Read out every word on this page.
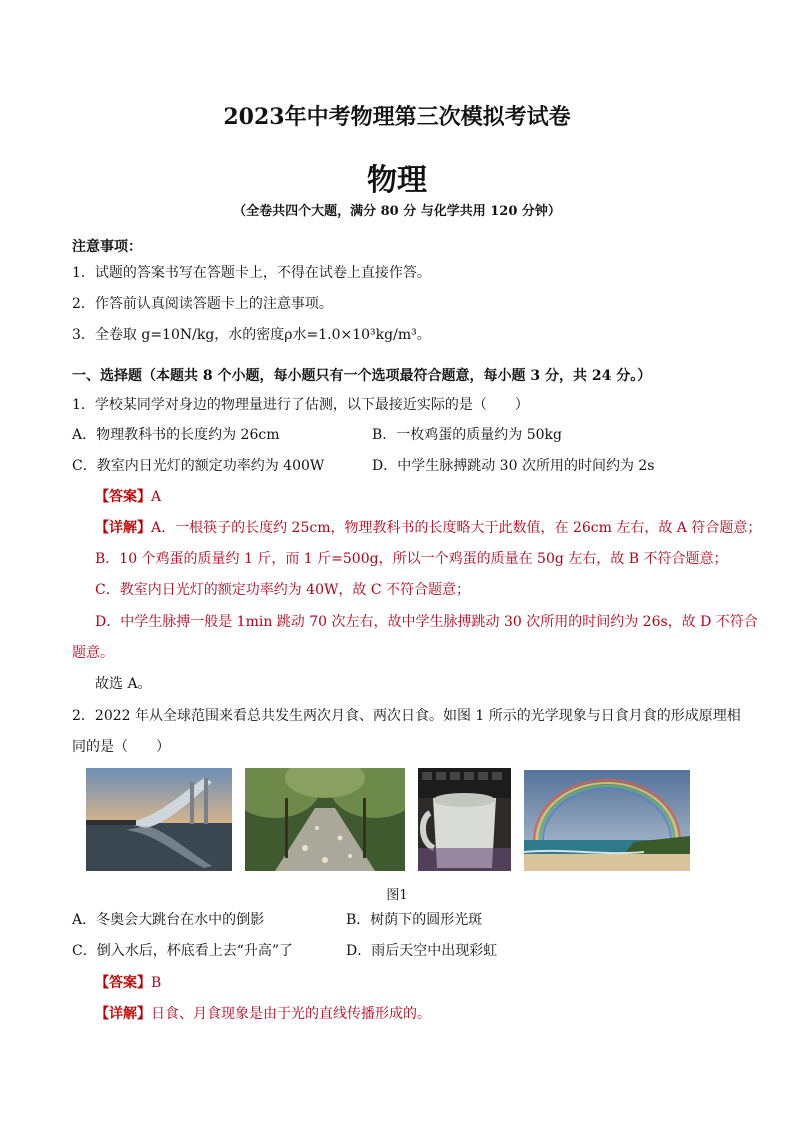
2023年中考物理第三次模拟考试卷
物理
（全卷共四个大题，满分 80 分 与化学共用 120 分钟）
注意事项：
1．试题的答案书写在答题卡上，不得在试卷上直接作答。
2．作答前认真阅读答题卡上的注意事项。
3．全卷取 g=10N/kg，水的密度ρ水=1.0×10³kg/m³。
一、选择题（本题共 8 个小题，每小题只有一个选项最符合题意，每小题 3 分，共 24 分。）
1．学校某同学对身边的物理量进行了估测，以下最接近实际的是（　　）
A．物理教科书的长度约为 26cm	B．一枚鸡蛋的质量约为 50kg
C．教室内日光灯的额定功率约为 400W	D．中学生脉搏跳动 30 次所用的时间约为 2s
【答案】A
【详解】A．一根筷子的长度约 25cm，物理教科书的长度略大于此数值，在 26cm 左右，故 A 符合题意；
B．10 个鸡蛋的质量约 1 斤，而 1 斤=500g，所以一个鸡蛋的质量在 50g 左右，故 B 不符合题意；
C．教室内日光灯的额定功率约为 40W，故 C 不符合题意；
D．中学生脉搏一般是 1min 跳动 70 次左右，故中学生脉搏跳动 30 次所用的时间约为 26s，故 D 不符合
题意。
故选 A。
2．2022 年从全球范围来看总共发生两次月食、两次日食。如图 1 所示的光学现象与日食月食的形成原理相
同的是（　　）
图1
A．冬奥会大跳台在水中的倒影	B．树荫下的圆形光斑
C．倒入水后，杯底看上去“升高”了	D．雨后天空中出现彩虹
【答案】B
【详解】日食、月食现象是由于光的直线传播形成的。
